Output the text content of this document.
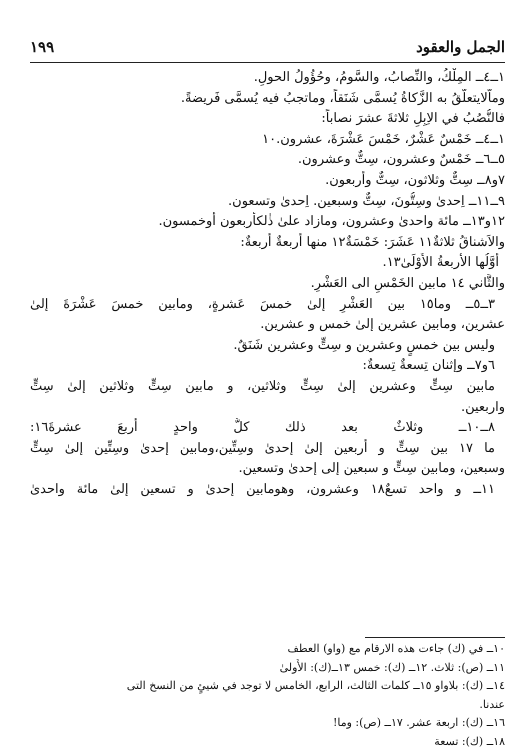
الجمل والعقود
١٩٩
١ــ٤ــ المِلْكُ، والنِّصابُ، والسَّومُ، وحُؤُولُ الحولِ.
وماّلايتعلَّقُ به الزَّكاةُ يُسمَّى شَنَقاً، وماتجبُ فيه يُسمَّى فَريضةً.
فالنُّصُبُ في الاِبِلِ ثلاثةَ عشرَ نصاباً:
١ــ٤ــ خَمْسٌ عَشْرٌ، خَمْسَ عَشْرَةَ، عشرون.١٠
٥ــ٦ــ خَمْسٌ وعشرون، سِتٌّ وعشرون.
٧و٨ــ سِتٌّ وثلاثون، سِتٌّ وأربعون.
٩ــ١١ــ اِحدىٰ وسِتُّونَ، سِتٌّ وسبعين. اِحدىٰ وتسعون.
١٢و١٣ــ مائة واحدىٰ وعشرون، ومازاد علىٰ ذٰلكأربعون أوخمسون.
والاَشناقُ ثلاثةٌ١١ عَشَرَ: خَمْسَةٌ١٢ منها أربعةٌ أربعةٌ:
أَوَّلُها الأربعةُ الأُوْلَىٰ١٣.
والثَّاني ١٤ مابين الخَمْسِ الى العَشْرِ.
٣ــ٥ــ وما١٥ بين العَشْرِ إلىٰ خمسَ عَشرةٍ، ومابين خمسَ عَشْرَةَ إلىٰ
عشرين، ومابين عشرين إلىٰ خمس و عشرين.
وليس بين خمسٍ وعشرين و سِتٍّ وعشرين شَنَقٌ.
٦و٧ــ وإثنان تِسعةٌ تِسعةٌ:
مابين سِتٍّ وعشرين إلىٰ سِتٍّ وثلاثين، و مابين سِتٍّ وثلاثين إلىٰ سِتٍّ
واربعين.
٨ــ١٠ــ وثلاثٌ بعد ذلك كلٌّ واحدٍ أربعَ عشرةَ١٦:
ما ١٧ بين سِتٍّ و أربعين إلىٰ إحدىٰ وسِتِّين،ومابين إحدىٰ وسِتِّين إلىٰ سِتٍّ
وسبعين، ومابين سِتٍّ و سبعين إلى إحدىٰ وتسعين.
١١ــ و واحد تسعٌ١٨ وعشرون، وهومابين إحدىٰ و تسعين إلىٰ مائة واحدىٰ
١٠ــ في (ك) جاءت هذه الارقام مع (واو) العطف
١١ــ (ص): ثلاث. ١٢ــ (ك): خمس ١٣ــ(ك): الأُولىٰ
١٤ــ (ك): بلاواو ١٥ــ كلمات الثالث، الرابع، الخامس لا توجد في شيئٍ من النسخ التى
عندنا.
١٦ــ (ك): اربعة عشر. ١٧ــ (ص): وما!
١٨ــ (ك): تسعة
